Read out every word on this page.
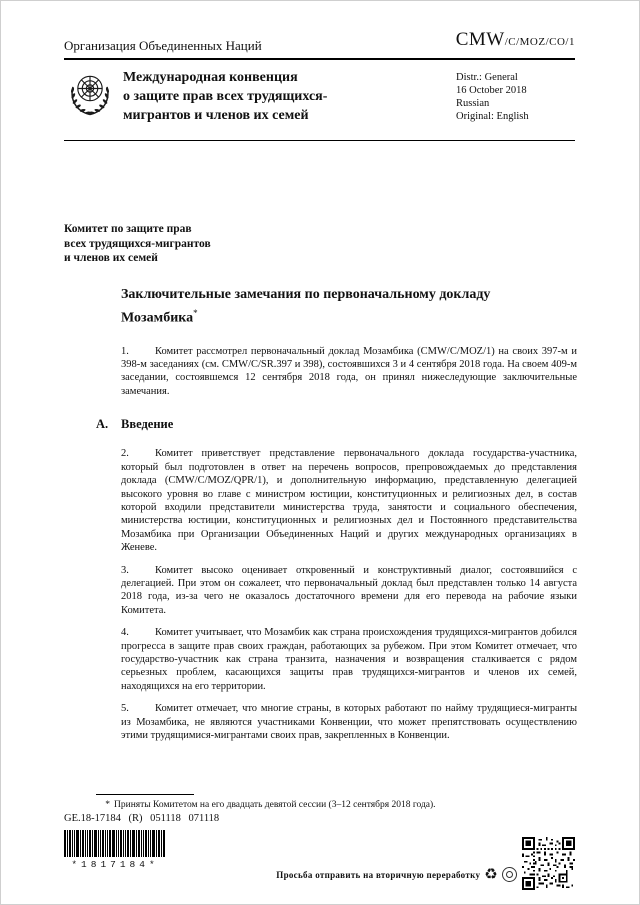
Организация Объединенных Наций	CMW/C/MOZ/CO/1
Международная конвенция
о защите прав всех трудящихся-
мигрантов и членов их семей
Distr.: General
16 October 2018
Russian
Original: English
Комитет по защите прав
всех трудящихся-мигрантов
и членов их семей
Заключительные замечания по первоначальному докладу Мозамбика*
1. Комитет рассмотрел первоначальный доклад Мозамбика (CMW/C/MOZ/1) на своих 397-м и 398-м заседаниях (см. CMW/C/SR.397 и 398), состоявшихся 3 и 4 сентября 2018 года. На своем 409-м заседании, состоявшемся 12 сентября 2018 года, он принял нижеследующие заключительные замечания.
A. Введение
2. Комитет приветствует представление первоначального доклада государства-участника, который был подготовлен в ответ на перечень вопросов, препровождаемых до представления доклада (CMW/C/MOZ/QPR/1), и дополнительную информацию, представленную делегацией высокого уровня во главе с министром юстиции, конституционных и религиозных дел, в состав которой входили представители министерства труда, занятости и социального обеспечения, министерства юстиции, конституционных и религиозных дел и Постоянного представительства Мозамбика при Организации Объединенных Наций и других международных организациях в Женеве.
3. Комитет высоко оценивает откровенный и конструктивный диалог, состоявшийся с делегацией. При этом он сожалеет, что первоначальный доклад был представлен только 14 августа 2018 года, из-за чего не оказалось достаточного времени для его перевода на рабочие языки Комитета.
4. Комитет учитывает, что Мозамбик как страна происхождения трудящихся-мигрантов добился прогресса в защите прав своих граждан, работающих за рубежом. При этом Комитет отмечает, что государство-участник как страна транзита, назначения и возвращения сталкивается с рядом серьезных проблем, касающихся защиты прав трудящихся-мигрантов и членов их семей, находящихся на его территории.
5. Комитет отмечает, что многие страны, в которых работают по найму трудящиеся-мигранты из Мозамбика, не являются участниками Конвенции, что может препятствовать осуществлению этими трудящимися-мигрантами своих прав, закрепленных в Конвенции.
* Приняты Комитетом на его двадцать девятой сессии (3–12 сентября 2018 года).
GE.18-17184 (R) 051118 071118
*1817184*
Просьба отправить на вторичную переработку ♻
